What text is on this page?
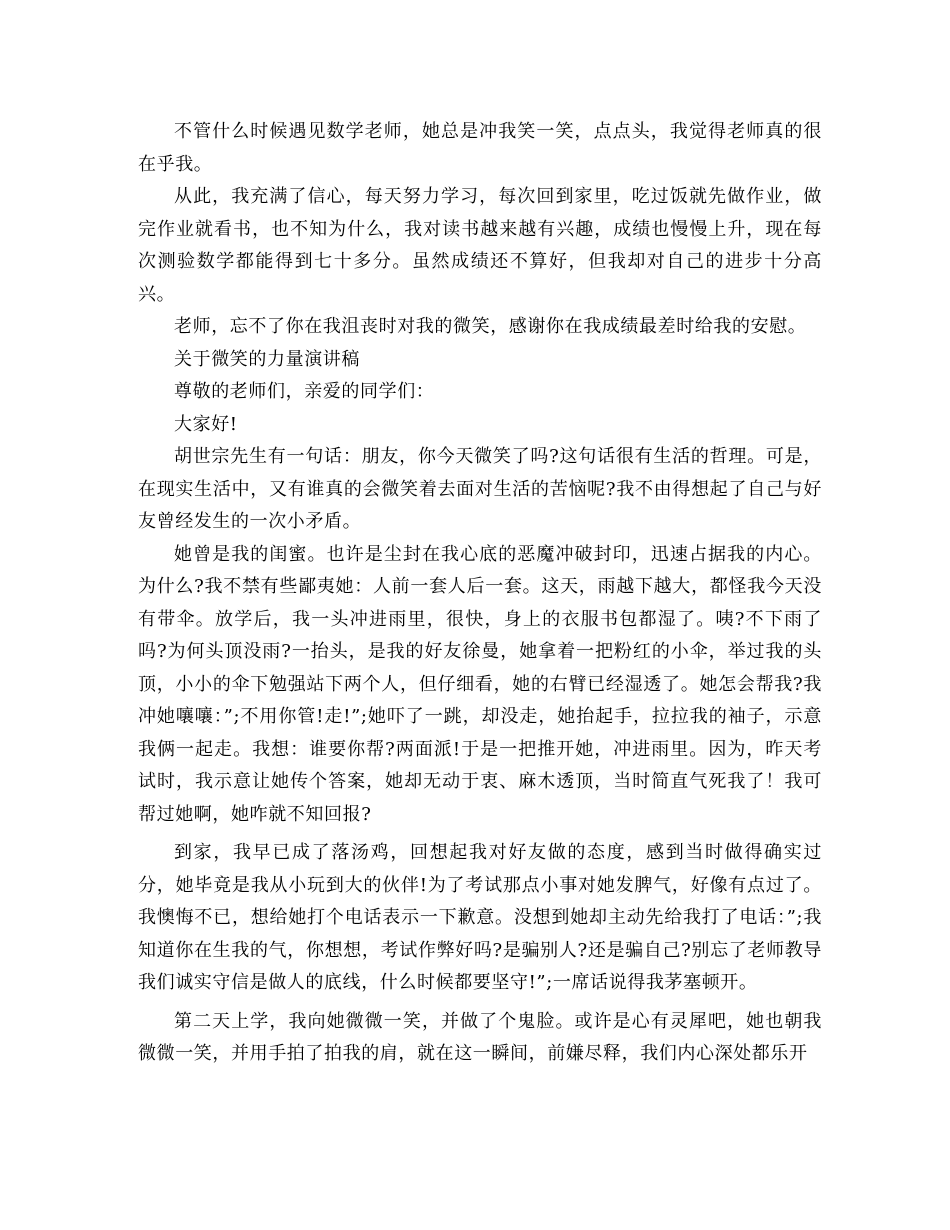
不管什么时候遇见数学老师，她总是冲我笑一笑，点点头，我觉得老师真的很在乎我。

从此，我充满了信心，每天努力学习，每次回到家里，吃过饭就先做作业，做完作业就看书，也不知为什么，我对读书越来越有兴趣，成绩也慢慢上升，现在每次测验数学都能得到七十多分。虽然成绩还不算好，但我却对自己的进步十分高兴。

老师，忘不了你在我沮丧时对我的微笑，感谢你在我成绩最差时给我的安慰。

关于微笑的力量演讲稿

尊敬的老师们，亲爱的同学们：

大家好!

胡世宗先生有一句话：朋友，你今天微笑了吗?这句话很有生活的哲理。可是，在现实生活中，又有谁真的会微笑着去面对生活的苦恼呢?我不由得想起了自己与好友曾经发生的一次小矛盾。

她曾是我的闺蜜。也许是尘封在我心底的恶魔冲破封印，迅速占据我的内心。为什么?我不禁有些鄙夷她：人前一套人后一套。这天，雨越下越大，都怪我今天没有带伞。放学后，我一头冲进雨里，很快，身上的衣服书包都湿了。咦?不下雨了吗?为何头顶没雨?一抬头，是我的好友徐曼，她拿着一把粉红的小伞，举过我的头顶，小小的伞下勉强站下两个人，但仔细看，她的右臂已经湿透了。她怎会帮我?我冲她嚷嚷：”;不用你管!走!”;她吓了一跳，却没走，她抬起手，拉拉我的袖子，示意我俩一起走。我想：谁要你帮?两面派!于是一把推开她，冲进雨里。因为，昨天考试时，我示意让她传个答案，她却无动于衷、麻木透顶，当时简直气死我了！我可帮过她啊，她咋就不知回报?

到家，我早已成了落汤鸡，回想起我对好友做的态度，感到当时做得确实过分，她毕竟是我从小玩到大的伙伴!为了考试那点小事对她发脾气，好像有点过了。我懊悔不已，想给她打个电话表示一下歉意。没想到她却主动先给我打了电话：”;我知道你在生我的气，你想想，考试作弊好吗?是骗别人?还是骗自己?别忘了老师教导我们诚实守信是做人的底线，什么时候都要坚守!”;一席话说得我茅塞顿开。

第二天上学，我向她微微一笑，并做了个鬼脸。或许是心有灵犀吧，她也朝我微微一笑，并用手拍了拍我的肩，就在这一瞬间，前嫌尽释，我们内心深处都乐开
